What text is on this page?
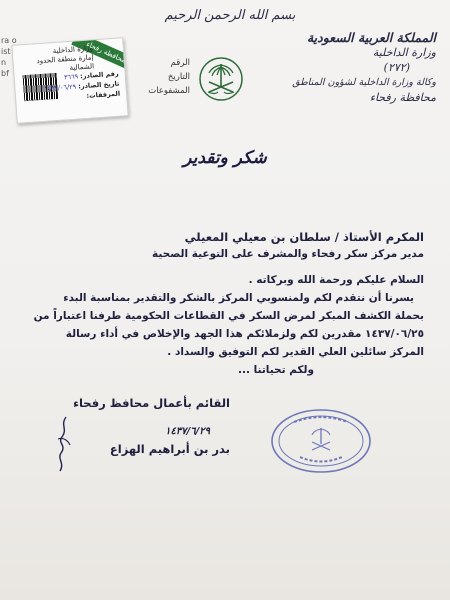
ra o
ist
n
bf
بسم الله الرحمن الرحيم
المملكة العربية السعودية
وزارة الداخلية
(٢٧٢)
وكالة وزارة الداخلية لشؤون المناطق
محافظة رفحاء
الرقم
التاريخ
المشفوعات
محافظة رفحاء
وزارة الداخلية
إمارة منطقة الحدود الشمالية
رقم الصادر: ٣٦٦٩
تاريخ الصادر: ١٤٣٧/٠٦/٢٩
المرفقات:
شكر وتقدير
المكرم الأستاذ / سلطان بن معيلي المعيلي
مدير مركز سكر رفحاء والمشرف على التوعية الصحية
السلام عليكم ورحمة الله وبركاته .
يسرنا أن نتقدم لكم ولمنسوبي المركز بالشكر والتقدير بمناسبة البدء
بحملة الكشف المبكر لمرض السكر في القطاعات الحكومية طرفنا اعتباراً من
١٤٣٧/٠٦/٢٥ مقدرين لكم ولزملائكم هذا الجهد والإخلاص في أداء رسالة
المركز سائلين العلي القدير لكم التوفيق والسداد .
ولكم تحياتنا ...
القائم بأعمال محافظ رفحاء
١٤٣٧/٦/٢٩
بدر بن أبراهيم الهزاع
